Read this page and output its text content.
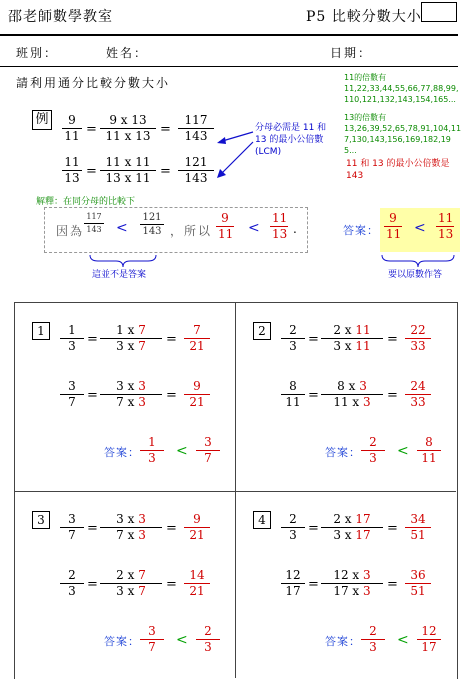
邵老師數學教室	P5 比較分數大小
班別：	姓名：	日期：
請利用通分比較分數大小	11的倍數有
11,22,33,44,55,66,77,88,99,110,121,132,143,154,165...
13的倍數有
13,26,39,52,65,78,91,104,117,130,143,156,169,182,195...
11 和 13 的最小公倍數是 143
例	9
11 =
9 x 13
11 x 13 =
117
143
11
13 =
11 x 11
13 x 11 =
121
143
分母必需是 11 和 13 的最小公倍數(LCM)
解釋：在同分母的比較下
因為
117
143 <
121
143 ，所以
9
11 <
11
13 .
這並不是答案
答案：
9
11 <
11
13
要以原數作答
1	1
3 =
1 x 7
3 x 7	=
7
21
3
7 =
3 x 3
7 x 3	=
9
21
答案：
1
3	<
3
7
2	2
3 =
2 x 11
3 x 11	=
22
33
8
11 =
8 x 3
11 x 3	=
24
33
答案：
2
3	<
8
11
3	3
7 =
3 x 3
7 x 3	=
9
21
2
3 =
2 x 7
3 x 7	=
14
21
答案：
3
7	<
2
3
4	2
3 =
2 x 17
3 x 17	=
34
51
12
17 =
12 x 3
17 x 3	=
36
51
答案：
2
3	<
12
17
